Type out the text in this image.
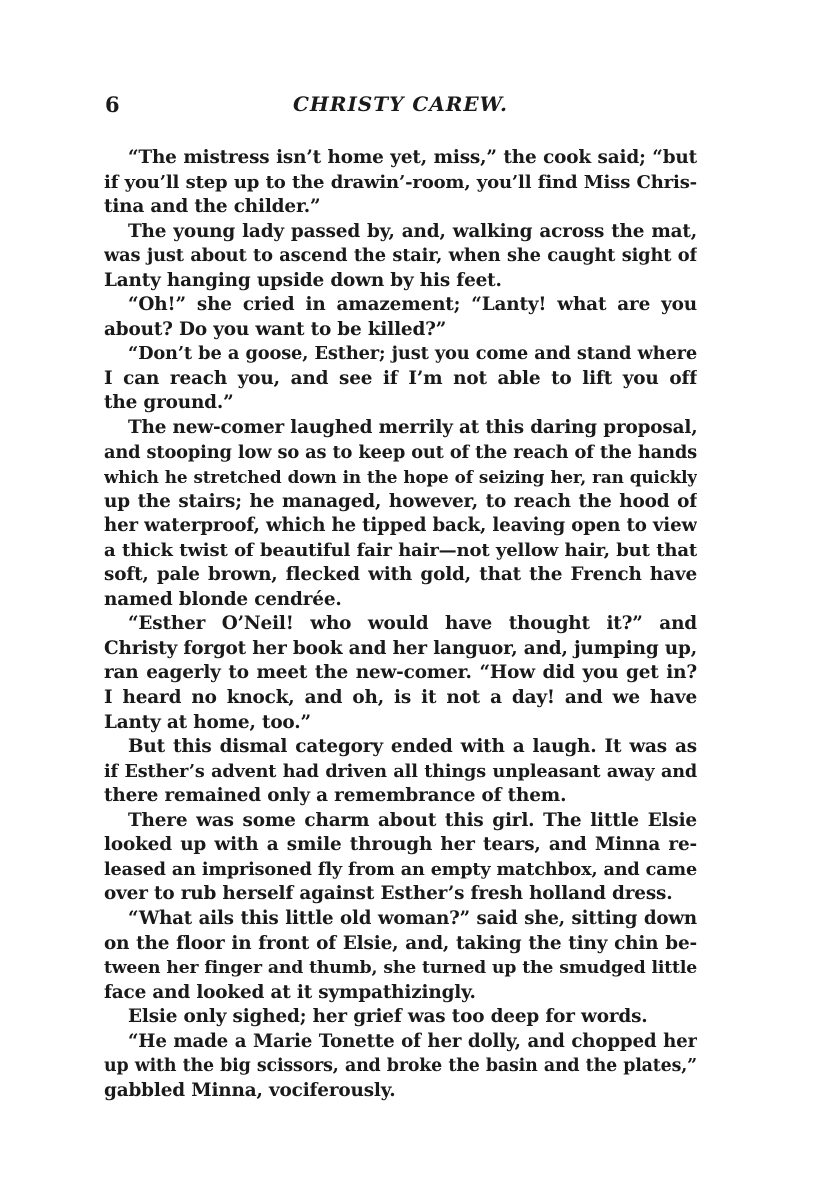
6	CHRISTY CAREW.
“The mistress isn’t home yet, miss,” the cook said; “but
if you’ll step up to the drawin’-room, you’ll find Miss Chris-
tina and the childer.”
The young lady passed by, and, walking across the mat,
was just about to ascend the stair, when she caught sight of
Lanty hanging upside down by his feet.
“Oh!” she cried in amazement; “Lanty! what are you
about? Do you want to be killed?”
“Don’t be a goose, Esther; just you come and stand where
I can reach you, and see if I’m not able to lift you off
the ground.”
The new-comer laughed merrily at this daring proposal,
and stooping low so as to keep out of the reach of the hands
which he stretched down in the hope of seizing her, ran quickly
up the stairs; he managed, however, to reach the hood of
her waterproof, which he tipped back, leaving open to view
a thick twist of beautiful fair hair—not yellow hair, but that
soft, pale brown, flecked with gold, that the French have
named blonde cendrée.
“Esther O’Neil! who would have thought it?” and
Christy forgot her book and her languor, and, jumping up,
ran eagerly to meet the new-comer. “How did you get in?
I heard no knock, and oh, is it not a day! and we have
Lanty at home, too.”
But this dismal category ended with a laugh. It was as
if Esther’s advent had driven all things unpleasant away and
there remained only a remembrance of them.
There was some charm about this girl. The little Elsie
looked up with a smile through her tears, and Minna re-
leased an imprisoned fly from an empty matchbox, and came
over to rub herself against Esther’s fresh holland dress.
“What ails this little old woman?” said she, sitting down
on the floor in front of Elsie, and, taking the tiny chin be-
tween her finger and thumb, she turned up the smudged little
face and looked at it sympathizingly.
Elsie only sighed; her grief was too deep for words.
“He made a Marie Tonette of her dolly, and chopped her
up with the big scissors, and broke the basin and the plates,”
gabbled Minna, vociferously.
